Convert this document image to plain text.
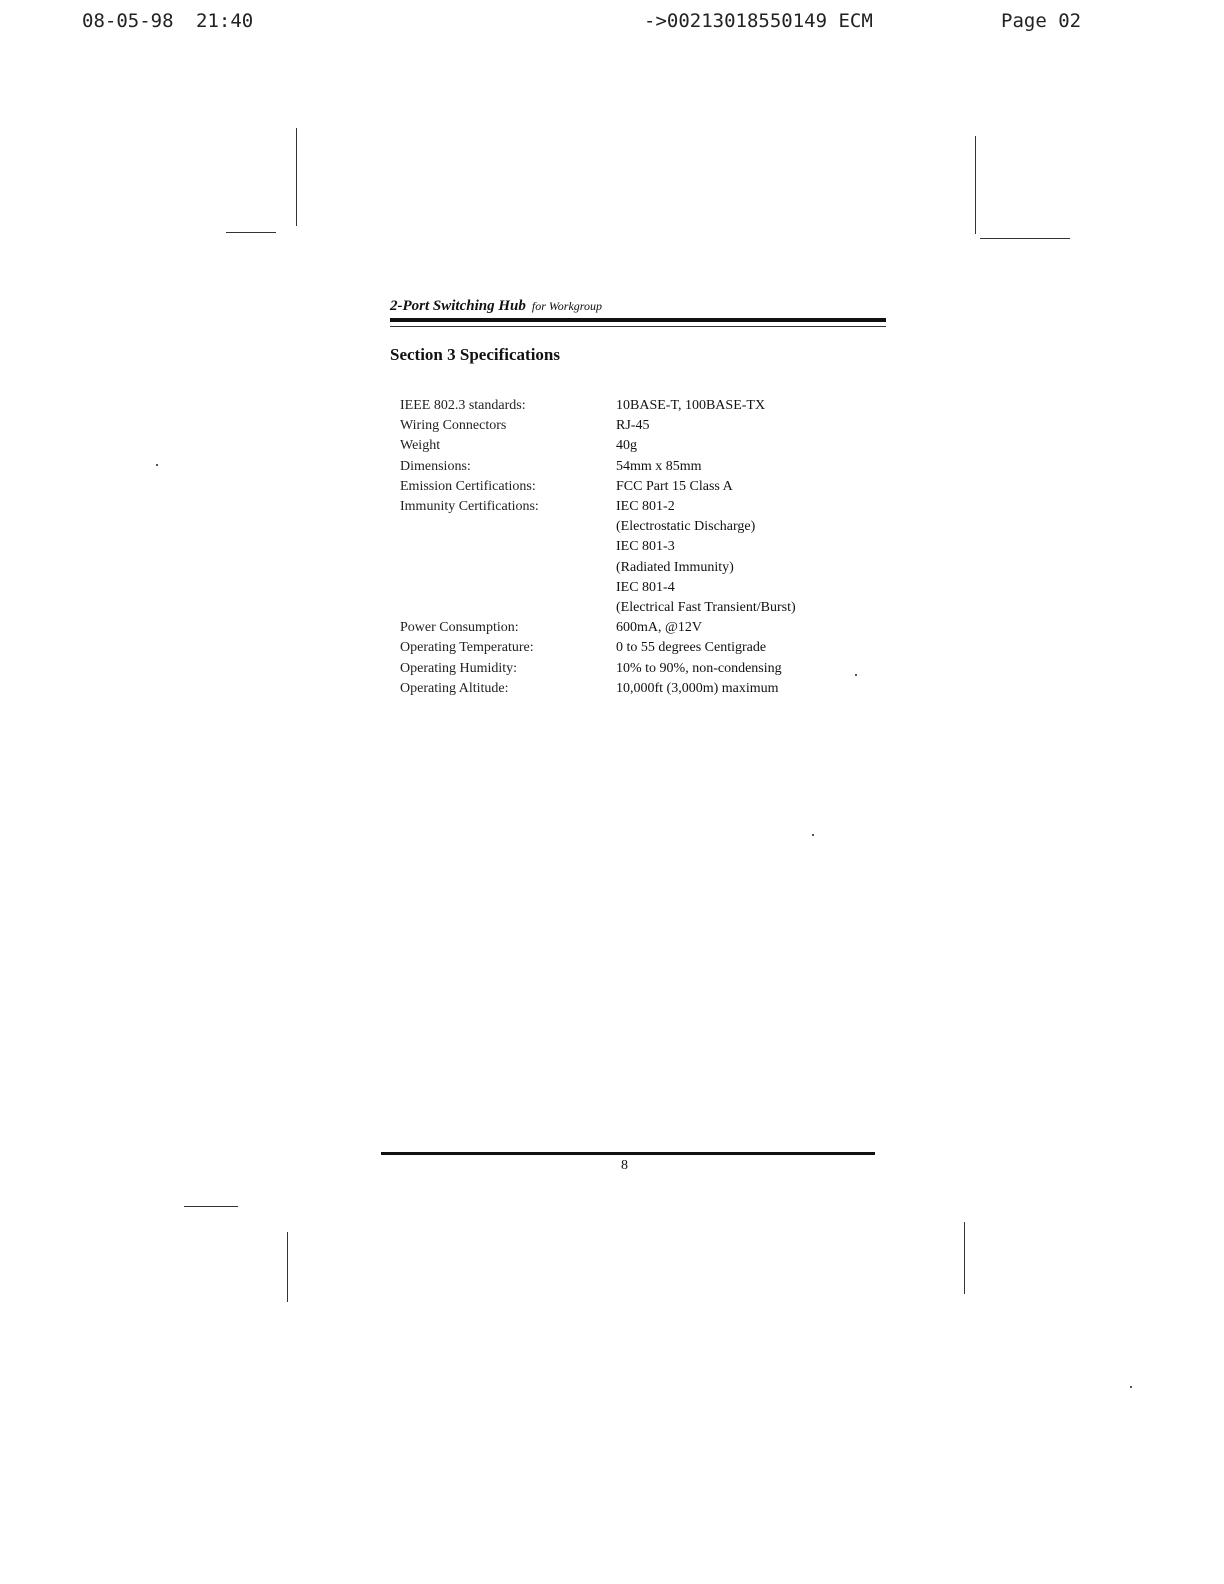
08-05-98 21:40	->00213018550149 ECM	Page 02
2-Port Switching Hub for Workgroup
Section 3 Specifications
IEEE 802.3 standards:	10BASE-T, 100BASE-TX
Wiring Connectors	RJ-45
Weight	40g
Dimensions:	54mm x 85mm
Emission Certifications:	FCC Part 15 Class A
Immunity Certifications:	IEC 801-2
(Electrostatic Discharge)
IEC 801-3
(Radiated Immunity)
IEC 801-4
(Electrical Fast Transient/Burst)
Power Consumption:	600mA, @12V
Operating Temperature:	0 to 55 degrees Centigrade
Operating Humidity:	10% to 90%, non-condensing
Operating Altitude:	10,000ft (3,000m) maximum
8
